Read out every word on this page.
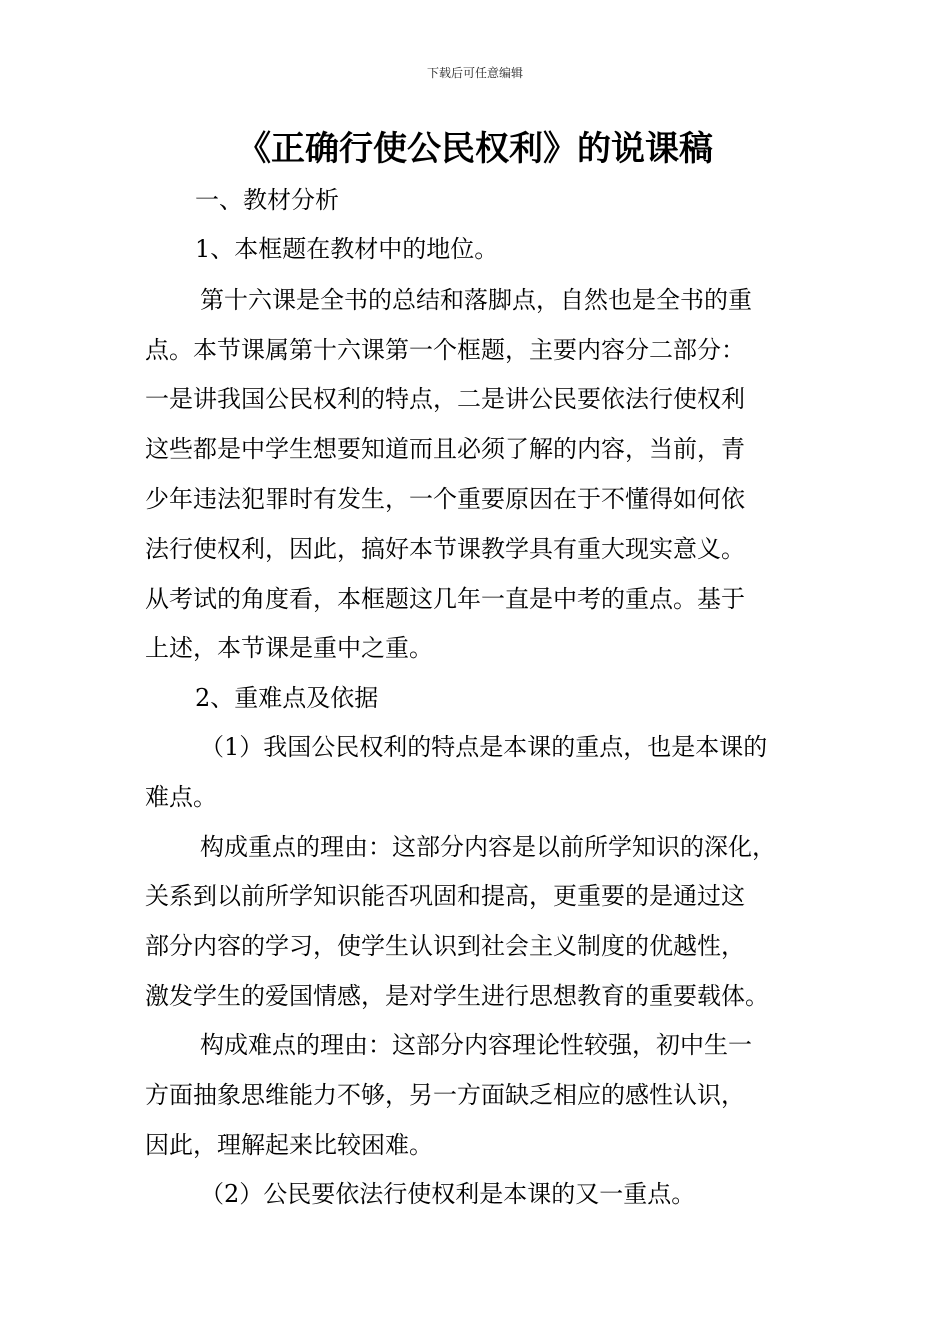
下载后可任意编辑
《正确行使公民权利》的说课稿
一、教材分析
1、本框题在教材中的地位。
第十六课是全书的总结和落脚点，自然也是全书的重
点。本节课属第十六课第一个框题，主要内容分二部分：
一是讲我国公民权利的特点，二是讲公民要依法行使权利
这些都是中学生想要知道而且必须了解的内容，当前，青
少年违法犯罪时有发生，一个重要原因在于不懂得如何依
法行使权利，因此，搞好本节课教学具有重大现实意义。
从考试的角度看，本框题这几年一直是中考的重点。基于
上述，本节课是重中之重。
2、重难点及依据
（1）我国公民权利的特点是本课的重点，也是本课的
难点。
构成重点的理由：这部分内容是以前所学知识的深化，
关系到以前所学知识能否巩固和提高，更重要的是通过这
部分内容的学习，使学生认识到社会主义制度的优越性，
激发学生的爱国情感，是对学生进行思想教育的重要载体。
构成难点的理由：这部分内容理论性较强，初中生一
方面抽象思维能力不够，另一方面缺乏相应的感性认识，
因此，理解起来比较困难。
（2）公民要依法行使权利是本课的又一重点。
